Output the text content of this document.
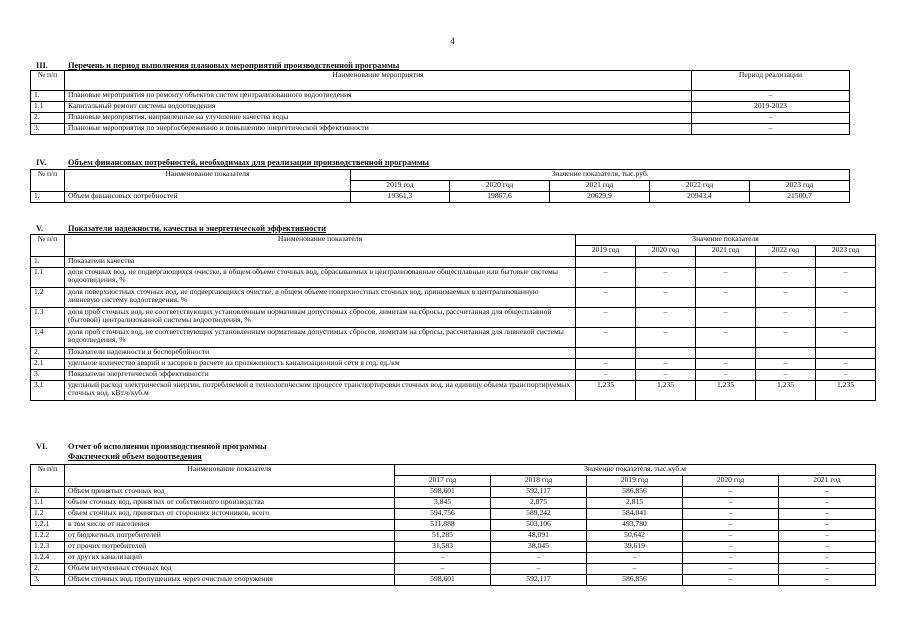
4
III. Перечень и период выполнения плановых мероприятий производственной программы
№ п/п	Наименование мероприятия	Период реализации
1.	Плановые мероприятия по ремонту объектов систем централизованного водоотведения	–
1.1	Капитальный ремонт системы водоотведения	2019-2023
2.	Плановые мероприятия, направленные на улучшение качества воды	–
3.	Плановые мероприятия по энергосбережению и повышению энергетической эффективности	–
IV.	Объем финансовых потребностей, необходимых для реализации производственной программы
№ п/п	Наименование показателя	Значение показателя, тыс.руб.				
		2019 год	2020 год	2021 год	2022 год	2023 год
1.	Объем финансовых потребностей	19361,3	19867,6	20629,9	20943,4	21500,7
V.	Показатели надежности, качества и энергетической эффективности
№ п/п	Наименование показателя	Значение показателя				
		2019 год	2020 год	2021 год	2022 год	2023 год
1.	Показатели качества					
1.1	доля сточных вод, не подвергающихся очистке, в общем объеме сточных вод, сбрасываемых в централизованные общесплавные или бытовые системы водоотведения, %	–	–	–	–	–
1.2	доля поверхностных сточных вод, не подвергающихся очистке, в общем объеме поверхностных сточных вод, принимаемых в централизованную ливневую систему водоотведения, %	–	–	–	–	–
1.3	доля проб сточных вод, не соответствующих установленным нормативам допустимых сбросов, лимитам на сбросы, рассчитанная для общесплавной (бытовой) централизованной системы водоотведения, %	–	–	–	–	–
1.4	доля проб сточных вод, не соответствующих установленным нормативам допустимых сбросов, лимитам на сбросы, рассчитанная для ливневой системы водоотведения, %	–	–	–	–	–
2.	Показатели надежности и бесперебойности					
2.1	удельное количество аварий и засоров в расчете на протяженность канализационной сети в год, ед./км	–	–	–	–	–
3.	Показатели энергетической эффективности	–	–	–	–	–
3.1	удельный расход электрической энергии, потребляемой в технологическом процессе транспортировки сточных вод, на единицу объема транспортируемых сточных вод, кВт.ч/куб.м	1,235	1,235	1,235	1,235	1,235
VI. Отчет об исполнении производственной программы
Фактический объем водоотведения
№ п/п	Наименование показателя	Значение показателя, тыс.куб.м				
		2017 год	2018 год	2019 год	2020 год	2021 год
1.	Объем принятых сточных вод	598,601	592,117	586,856	–	–
1.1	объем сточных вод, принятых от собственного производства	3,845	2,875	2,815	–	–
1.2	объем сточных вод, принятых от сторонних источников, всего	594,756	589,242	584,041	–	–
1.2.1	в том числе от населения	511,888	503,106	493,780	–	–
1.2.2	от бюджетных потребителей	51,285	48,091	50,642	–	–
1.2.3	от прочих потребителей	31,583	38,045	39,619	–	–
1.2.4	от других канализаций	–	–	–	–	–
2.	Объем неучтенных сточных вод	–	–	–	–	–
3.	Объем сточных вод, пропущенных через очистные сооружения	598,601	592,117	586,856	–	–
